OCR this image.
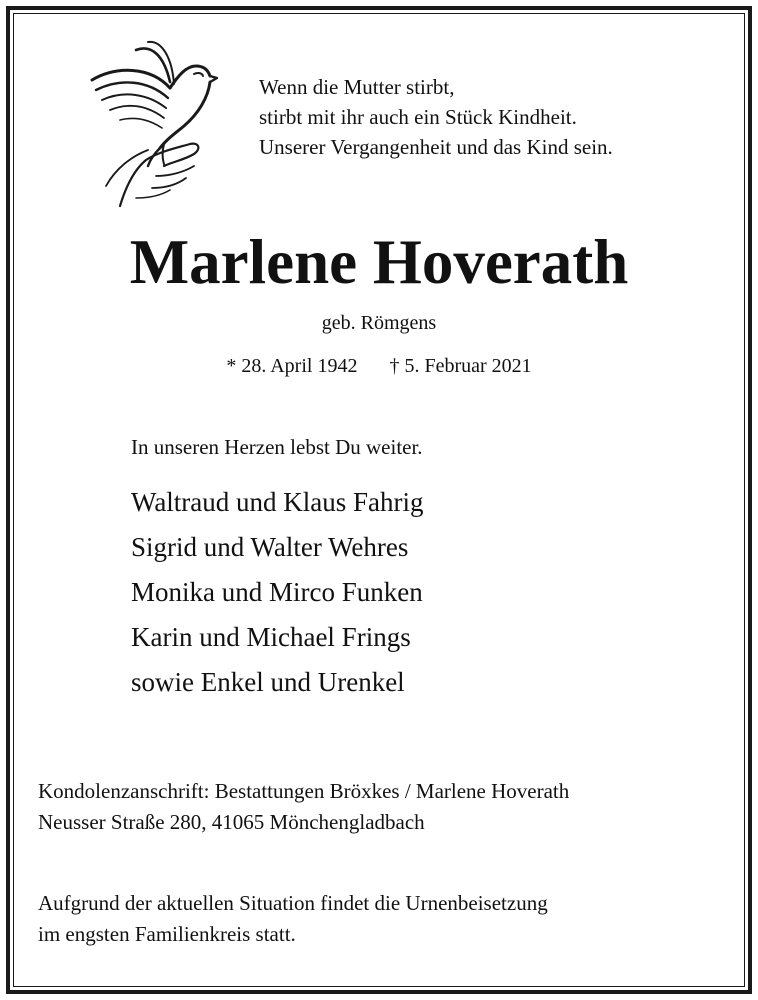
Wenn die Mutter stirbt,
stirbt mit ihr auch ein Stück Kindheit.
Unserer Vergangenheit und das Kind sein.
Marlene Hoverath
geb. Römgens
* 28. April 1942 † 5. Februar 2021
In unseren Herzen lebst Du weiter.
Waltraud und Klaus Fahrig
Sigrid und Walter Wehres
Monika und Mirco Funken
Karin und Michael Frings
sowie Enkel und Urenkel
Kondolenzanschrift: Bestattungen Bröxkes / Marlene Hoverath
Neusser Straße 280, 41065 Mönchengladbach
Aufgrund der aktuellen Situation findet die Urnenbeisetzung
im engsten Familienkreis statt.
